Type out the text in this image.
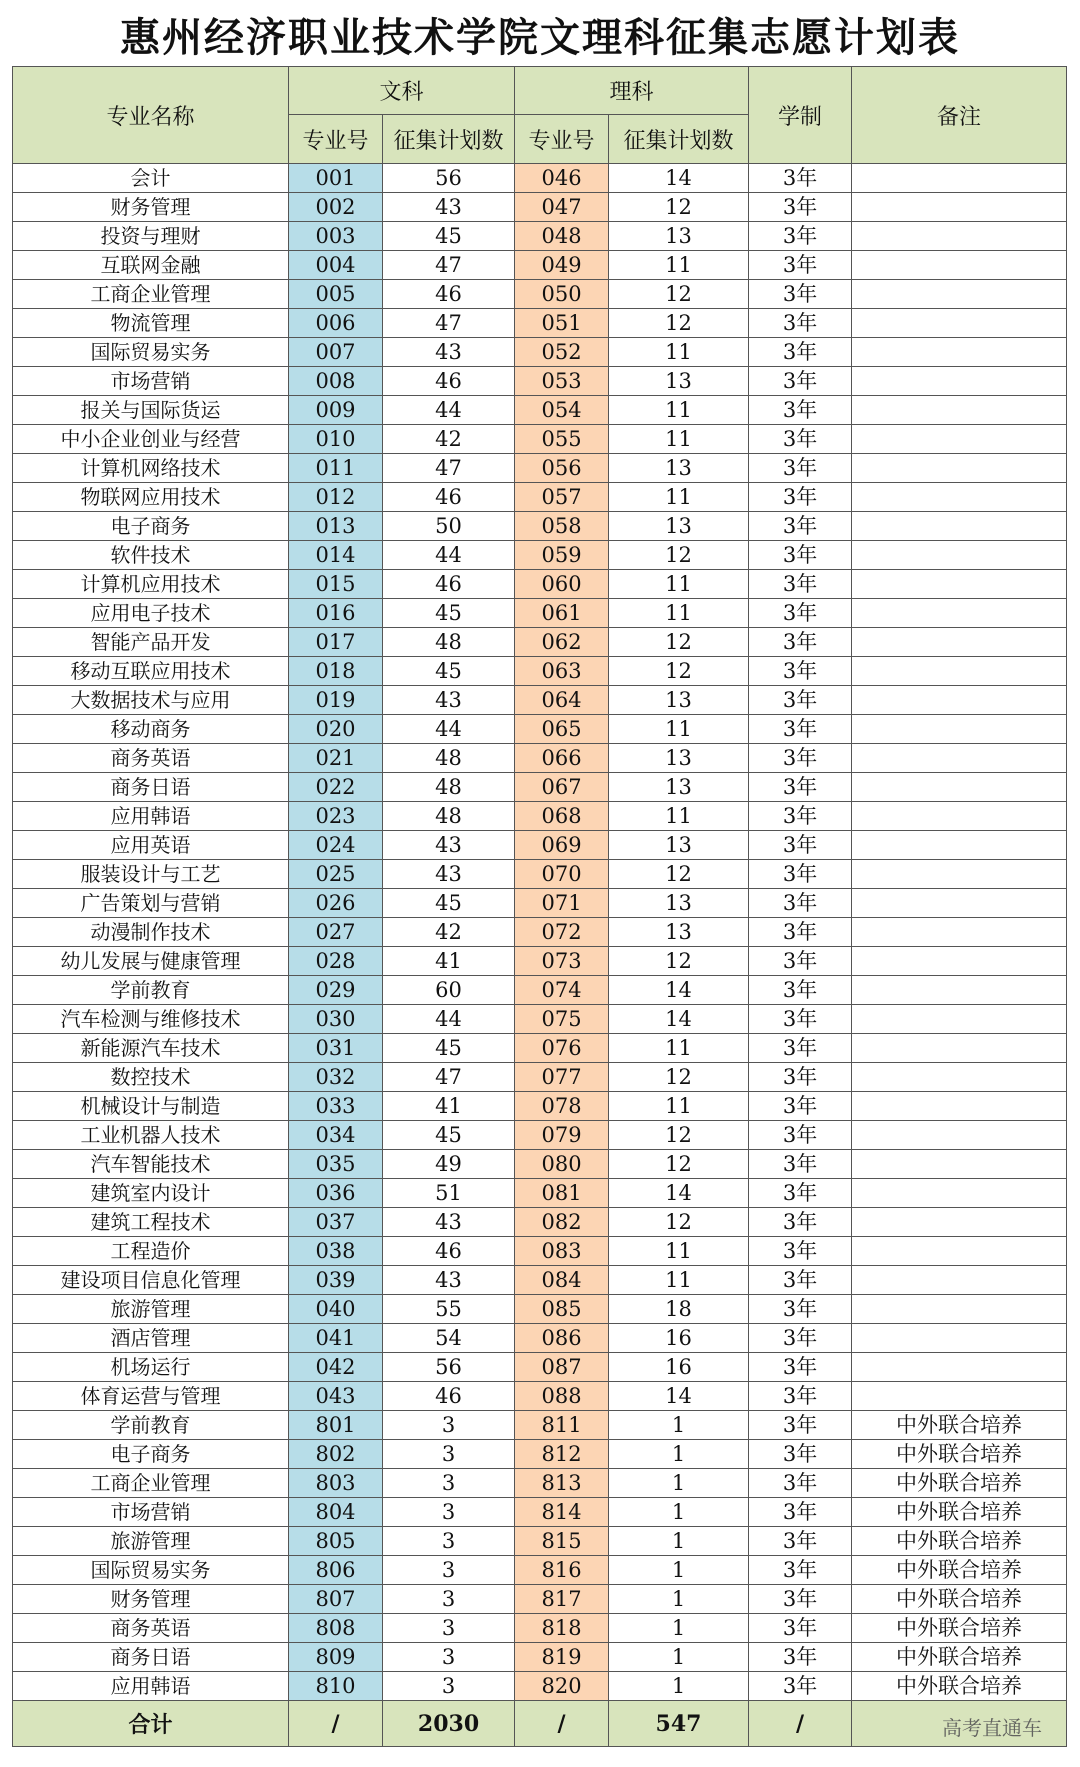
惠州经济职业技术学院文理科征集志愿计划表
专业名称	文科		理科		学制	备注
	专业号	征集计划数	专业号	征集计划数		
会计	001	56	046	14	3年	
财务管理	002	43	047	12	3年	
投资与理财	003	45	048	13	3年	
互联网金融	004	47	049	11	3年	
工商企业管理	005	46	050	12	3年	
物流管理	006	47	051	12	3年	
国际贸易实务	007	43	052	11	3年	
市场营销	008	46	053	13	3年	
报关与国际货运	009	44	054	11	3年	
中小企业创业与经营	010	42	055	11	3年	
计算机网络技术	011	47	056	13	3年	
物联网应用技术	012	46	057	11	3年	
电子商务	013	50	058	13	3年	
软件技术	014	44	059	12	3年	
计算机应用技术	015	46	060	11	3年	
应用电子技术	016	45	061	11	3年	
智能产品开发	017	48	062	12	3年	
移动互联应用技术	018	45	063	12	3年	
大数据技术与应用	019	43	064	13	3年	
移动商务	020	44	065	11	3年	
商务英语	021	48	066	13	3年	
商务日语	022	48	067	13	3年	
应用韩语	023	48	068	11	3年	
应用英语	024	43	069	13	3年	
服装设计与工艺	025	43	070	12	3年	
广告策划与营销	026	45	071	13	3年	
动漫制作技术	027	42	072	13	3年	
幼儿发展与健康管理	028	41	073	12	3年	
学前教育	029	60	074	14	3年	
汽车检测与维修技术	030	44	075	14	3年	
新能源汽车技术	031	45	076	11	3年	
数控技术	032	47	077	12	3年	
机械设计与制造	033	41	078	11	3年	
工业机器人技术	034	45	079	12	3年	
汽车智能技术	035	49	080	12	3年	
建筑室内设计	036	51	081	14	3年	
建筑工程技术	037	43	082	12	3年	
工程造价	038	46	083	11	3年	
建设项目信息化管理	039	43	084	11	3年	
旅游管理	040	55	085	18	3年	
酒店管理	041	54	086	16	3年	
机场运行	042	56	087	16	3年	
体育运营与管理	043	46	088	14	3年	
学前教育	801	3	811	1	3年	中外联合培养
电子商务	802	3	812	1	3年	中外联合培养
工商企业管理	803	3	813	1	3年	中外联合培养
市场营销	804	3	814	1	3年	中外联合培养
旅游管理	805	3	815	1	3年	中外联合培养
国际贸易实务	806	3	816	1	3年	中外联合培养
财务管理	807	3	817	1	3年	中外联合培养
商务英语	808	3	818	1	3年	中外联合培养
商务日语	809	3	819	1	3年	中外联合培养
应用韩语	810	3	820	1	3年	中外联合培养
合计	/	2030	/	547	/		高考直通车
